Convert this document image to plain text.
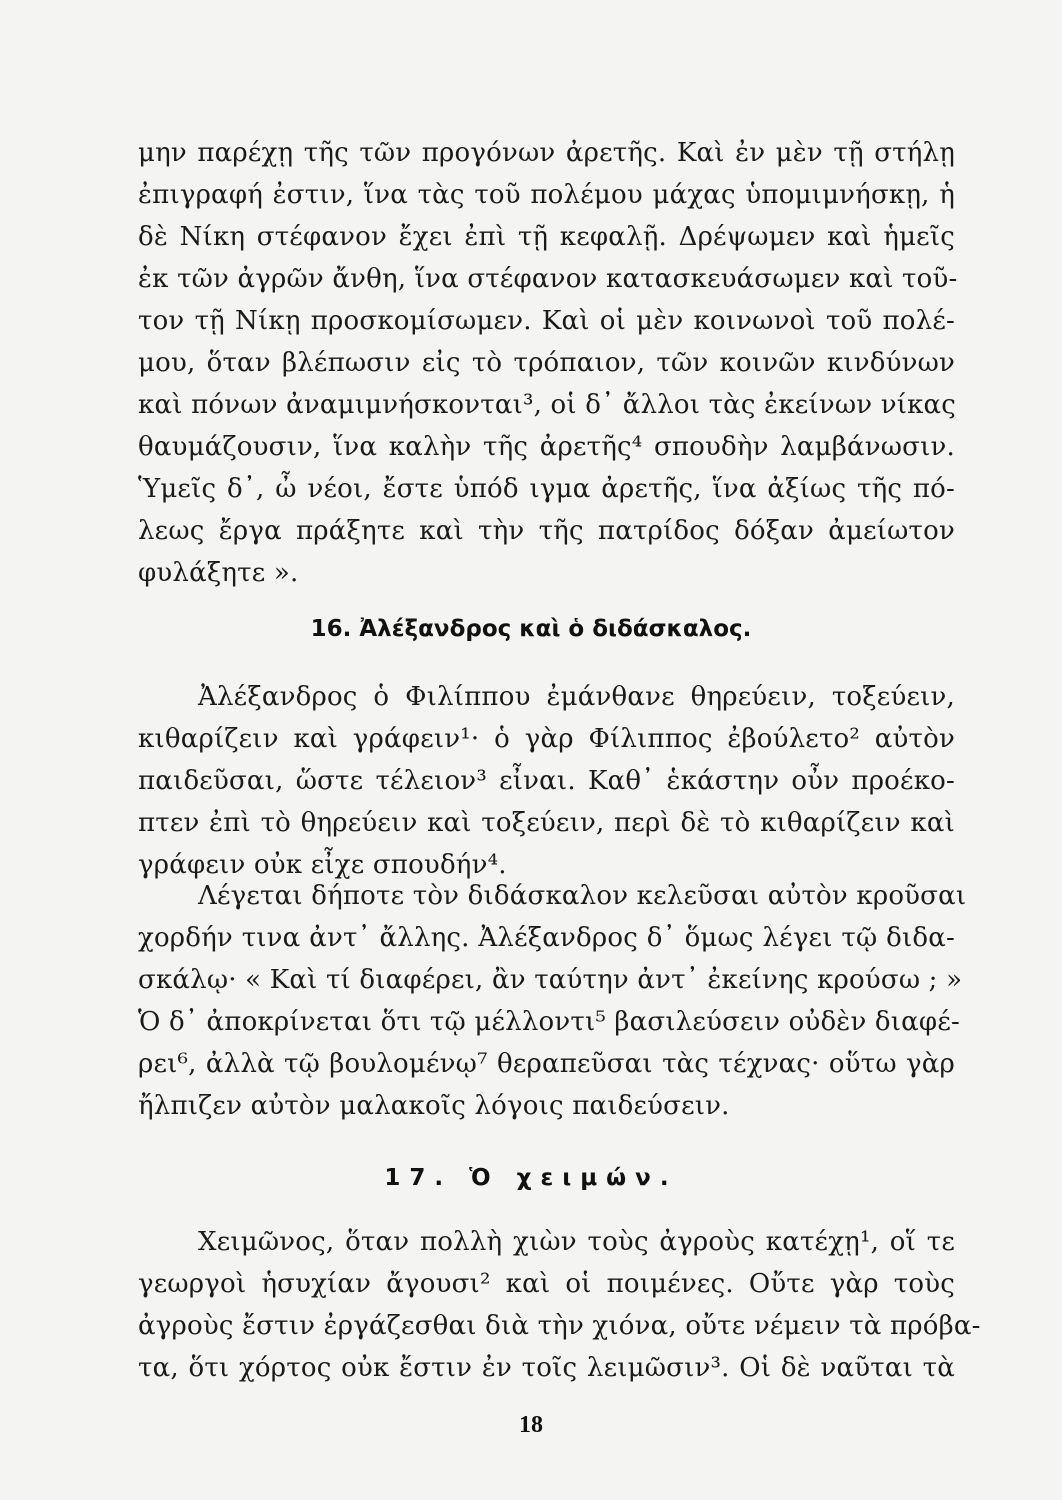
μην παρέχῃ τῆς τῶν προγόνων ἀρετῆς. Καὶ ἐν μὲν τῇ στήλῃ
ἐπιγραφή ἐστιν, ἵνα τὰς τοῦ πολέμου μάχας ὑπομιμνήσκῃ, ἡ
δὲ Νίκη στέφανον ἔχει ἐπὶ τῇ κεφαλῇ. Δρέψωμεν καὶ ἡμεῖς
ἐκ τῶν ἀγρῶν ἄνθη, ἵνα στέφανον κατασκευάσωμεν καὶ τοῦ-
τον τῇ Νίκῃ προσκομίσωμεν. Καὶ οἱ μὲν κοινωνοὶ τοῦ πολέ-
μου, ὅταν βλέπωσιν εἰς τὸ τρόπαιον, τῶν κοινῶν κινδύνων
καὶ πόνων ἀναμιμνήσκονται³, οἱ δ᾽ ἄλλοι τὰς ἐκείνων νίκας
θαυμάζουσιν, ἵνα καλὴν τῆς ἀρετῆς⁴ σπουδὴν λαμβάνωσιν.
Ὑμεῖς δ᾽, ὦ νέοι, ἔστε ὑπόδ ιγμα ἀρετῆς, ἵνα ἀξίως τῆς πό-
λεως ἔργα πράξητε καὶ τὴν τῆς πατρίδος δόξαν ἀμείωτον
φυλάξητε ».
16. Ἀλέξανδρος καὶ ὁ διδάσκαλος.
Ἀλέξανδρος ὁ Φιλίππου ἐμάνθανε θηρεύειν, τοξεύειν,
κιθαρίζειν καὶ γράφειν¹· ὁ γὰρ Φίλιππος ἐβούλετο² αὐτὸν
παιδεῦσαι, ὥστε τέλειον³ εἶναι. Καθ᾽ ἑκάστην οὖν προέκο-
πτεν ἐπὶ τὸ θηρεύειν καὶ τοξεύειν, περὶ δὲ τὸ κιθαρίζειν καὶ
γράφειν οὐκ εἶχε σπουδήν⁴.
Λέγεται δήποτε τὸν διδάσκαλον κελεῦσαι αὐτὸν κροῦσαι
χορδήν τινα ἀντ᾽ ἄλλης. Ἀλέξανδρος δ᾽ ὅμως λέγει τῷ διδα-
σκάλῳ· « Καὶ τί διαφέρει, ἂν ταύτην ἀντ᾽ ἐκείνης κρούσω ; »
Ὁ δ᾽ ἀποκρίνεται ὅτι τῷ μέλλοντι⁵ βασιλεύσειν οὐδὲν διαφέ-
ρει⁶, ἀλλὰ τῷ βουλομένῳ⁷ θεραπεῦσαι τὰς τέχνας· οὕτω γὰρ
ἤλπιζεν αὐτὸν μαλακοῖς λόγοις παιδεύσειν.
17. Ὁ χειμών.
Χειμῶνος, ὅταν πολλὴ χιὼν τοὺς ἀγροὺς κατέχῃ¹, οἵ τε
γεωργοὶ ἡσυχίαν ἄγουσι² καὶ οἱ ποιμένες. Οὔτε γὰρ τοὺς
ἀγροὺς ἔστιν ἐργάζεσθαι διὰ τὴν χιόνα, οὔτε νέμειν τὰ πρόβα-
τα, ὅτι χόρτος οὐκ ἔστιν ἐν τοῖς λειμῶσιν³. Οἱ δὲ ναῦται τὰ
18
